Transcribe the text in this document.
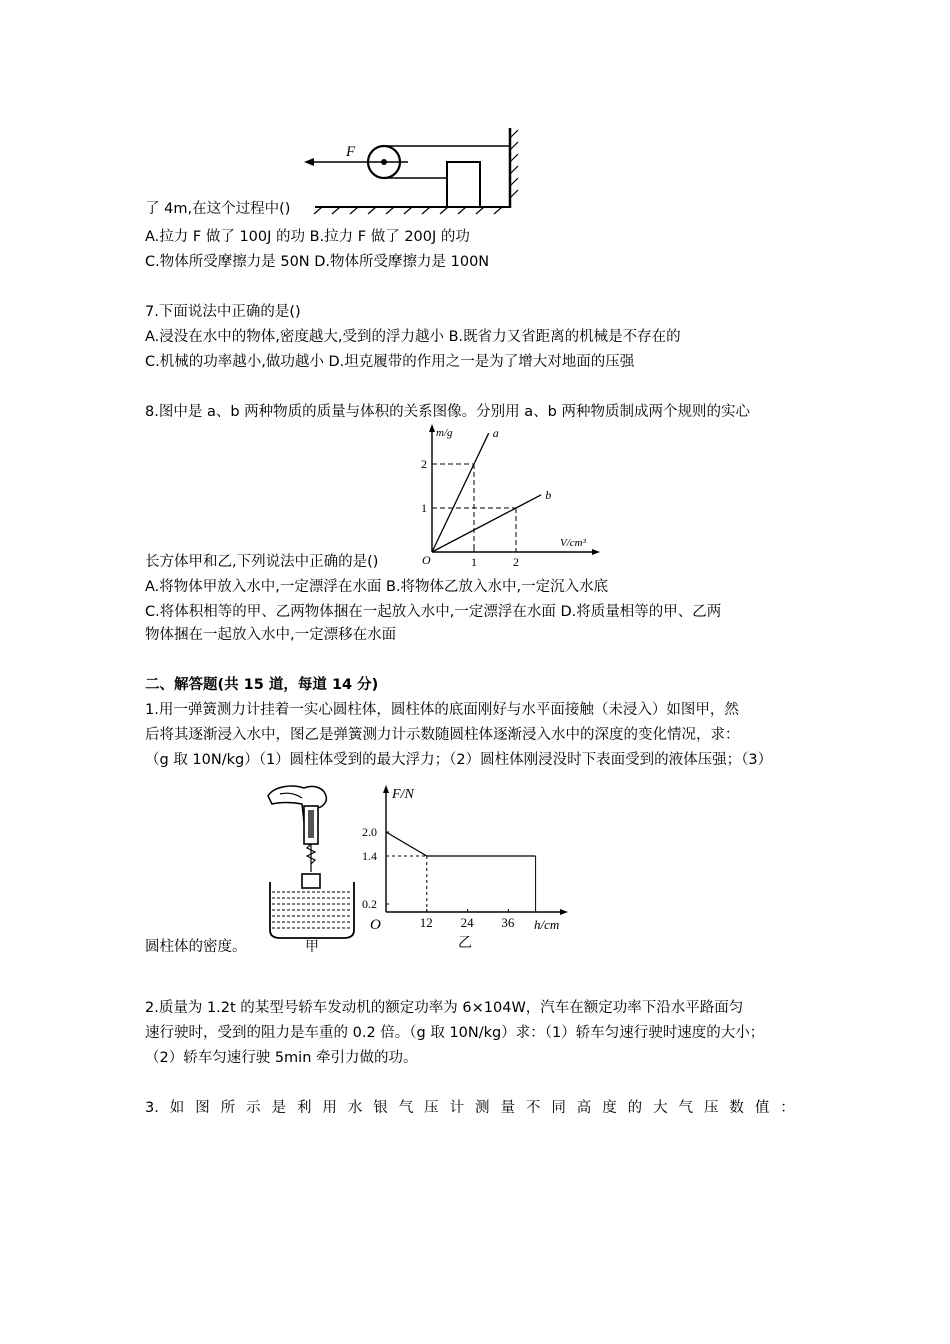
F
了 4m,在这个过程中()
A.拉力 F 做了 100J 的功 B.拉力 F 做了 200J 的功
C.物体所受摩擦力是 50N D.物体所受摩擦力是 100N
7.下面说法中正确的是()
A.浸没在水中的物体,密度越大,受到的浮力越小 B.既省力又省距离的机械是不存在的
C.机械的功率越小,做功越小 D.坦克履带的作用之一是为了增大对地面的压强
8.图中是 a、b 两种物质的质量与体积的关系图像。分别用 a、b 两种物质制成两个规则的实心
a
b
1	2
1
2
m/g
V/cm³
O
长方体甲和乙,下列说法中正确的是()
A.将物体甲放入水中,一定漂浮在水面 B.将物体乙放入水中,一定沉入水底
C.将体积相等的甲、乙两物体捆在一起放入水中,一定漂浮在水面 D.将质量相等的甲、乙两
物体捆在一起放入水中,一定漂移在水面
二、解答题(共 15 道，每道 14 分)
1.用一弹簧测力计挂着一实心圆柱体，圆柱体的底面刚好与水平面接触（未浸入）如图甲，然
后将其逐渐浸入水中，图乙是弹簧测力计示数随圆柱体逐渐浸入水中的深度的变化情况，求：
（g 取 10N/kg）（1）圆柱体受到的最大浮力；（2）圆柱体刚浸没时下表面受到的液体压强；（3）
甲
12 24 36
0.2
1.4
2.0
F/N
h/cm
O
乙
圆柱体的密度。
2.质量为 1.2t 的某型号轿车发动机的额定功率为 6×104W，汽车在额定功率下沿水平路面匀
速行驶时，受到的阻力是车重的 0.2 倍。（g 取 10N/kg）求：（1）轿车匀速行驶时速度的大小；
（2）轿车匀速行驶 5min 牵引力做的功。
3. 如 图 所 示 是 利 用 水 银 气 压 计 测 量 不 同 高 度 的 大 气 压 数 值 ：
